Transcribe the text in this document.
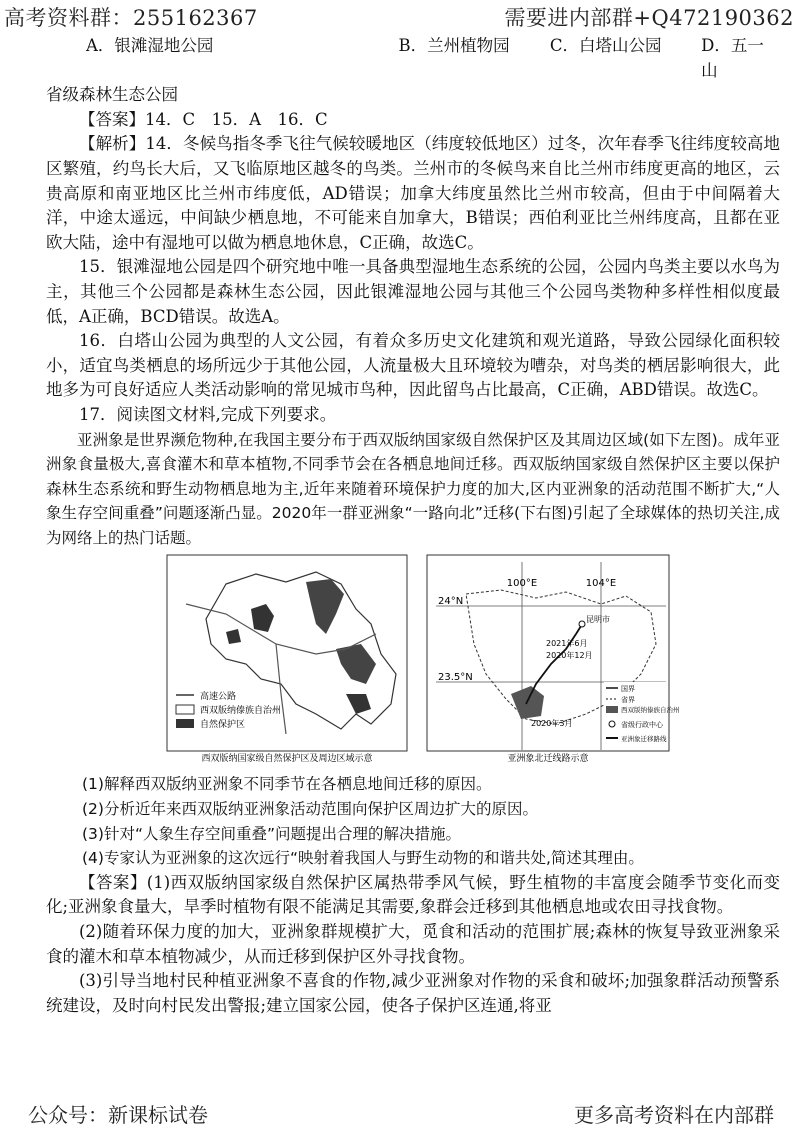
高考资料群：255162367	需要进内部群+Q472190362
A．银滩湿地公园	B．兰州植物园	C．白塔山公园	D．五一山

省级森林生态公园

【答案】14．C　15．A　16．C

【解析】14．冬候鸟指冬季飞往气候较暖地区（纬度较低地区）过冬，次年春季飞往纬度较高地区繁殖，约鸟长大后，又飞临原地区越冬的鸟类。兰州市的冬候鸟来自比兰州市纬度更高的地区，云贵高原和南亚地区比兰州市纬度低，AD错误；加拿大纬度虽然比兰州市较高，但由于中间隔着大洋，中途太遥远，中间缺少栖息地，不可能来自加拿大，B错误；西伯利亚比兰州纬度高，且都在亚欧大陆，途中有湿地可以做为栖息地休息，C正确，故选C。

15．银滩湿地公园是四个研究地中唯一具备典型湿地生态系统的公园，公园内鸟类主要以水鸟为主，其他三个公园都是森林生态公园，因此银滩湿地公园与其他三个公园鸟类物种多样性相似度最低，A正确，BCD错误。故选A。

16．白塔山公园为典型的人文公园，有着众多历史文化建筑和观光道路，导致公园绿化面积较小，适宜鸟类栖息的场所远少于其他公园，人流量极大且环境较为嘈杂，对鸟类的栖居影响很大，此地多为可良好适应人类活动影响的常见城市鸟种，因此留鸟占比最高，C正确，ABD错误。故选C。

17．阅读图文材料,完成下列要求。

亚洲象是世界濒危物种,在我国主要分布于西双版纳国家级自然保护区及其周边区域(如下左图)。成年亚洲象食量极大,喜食灌木和草本植物,不同季节会在各栖息地间迁移。西双版纳国家级自然保护区主要以保护森林生态系统和野生动物栖息地为主,近年来随着环境保护力度的加大,区内亚洲象的活动范围不断扩大,“人象生存空间重叠”问题逐渐凸显。2020年一群亚洲象“一路向北”迁移(下右图)引起了全球媒体的热切关注,成为网络上的热门话题。

高速公路
西双版纳傣族自治州
自然保护区
西双版纳国家级自然保护区及周边区域示意
100°E	104°E
24°N
23.5°N
昆明市
2021年6月
2020年12月
2020年3月
国界
省界
西双版纳傣族自治州
省级行政中心
亚洲象迁移路线
亚洲象北迁线路示意

(1)解释西双版纳亚洲象不同季节在各栖息地间迁移的原因。

(2)分析近年来西双版纳亚洲象活动范围向保护区周边扩大的原因。

(3)针对“人象生存空间重叠”问题提出合理的解决措施。

(4)专家认为亚洲象的这次远行“映射着我国人与野生动物的和谐共处,简述其理由。

【答案】(1)西双版纳国家级自然保护区属热带季风气候，野生植物的丰富度会随季节变化而变化;亚洲象食量大，旱季时植物有限不能满足其需要,象群会迁移到其他栖息地或农田寻找食物。

(2)随着环保力度的加大，亚洲象群规模扩大，觅食和活动的范围扩展;森林的恢复导致亚洲象采食的灌木和草本植物减少，从而迁移到保护区外寻找食物。

(3)引导当地村民种植亚洲象不喜食的作物,减少亚洲象对作物的采食和破坏;加强象群活动预警系统建设，及时向村民发出警报;建立国家公园，使各子保护区连通,将亚

公众号：新课标试卷	更多高考资料在内部群
